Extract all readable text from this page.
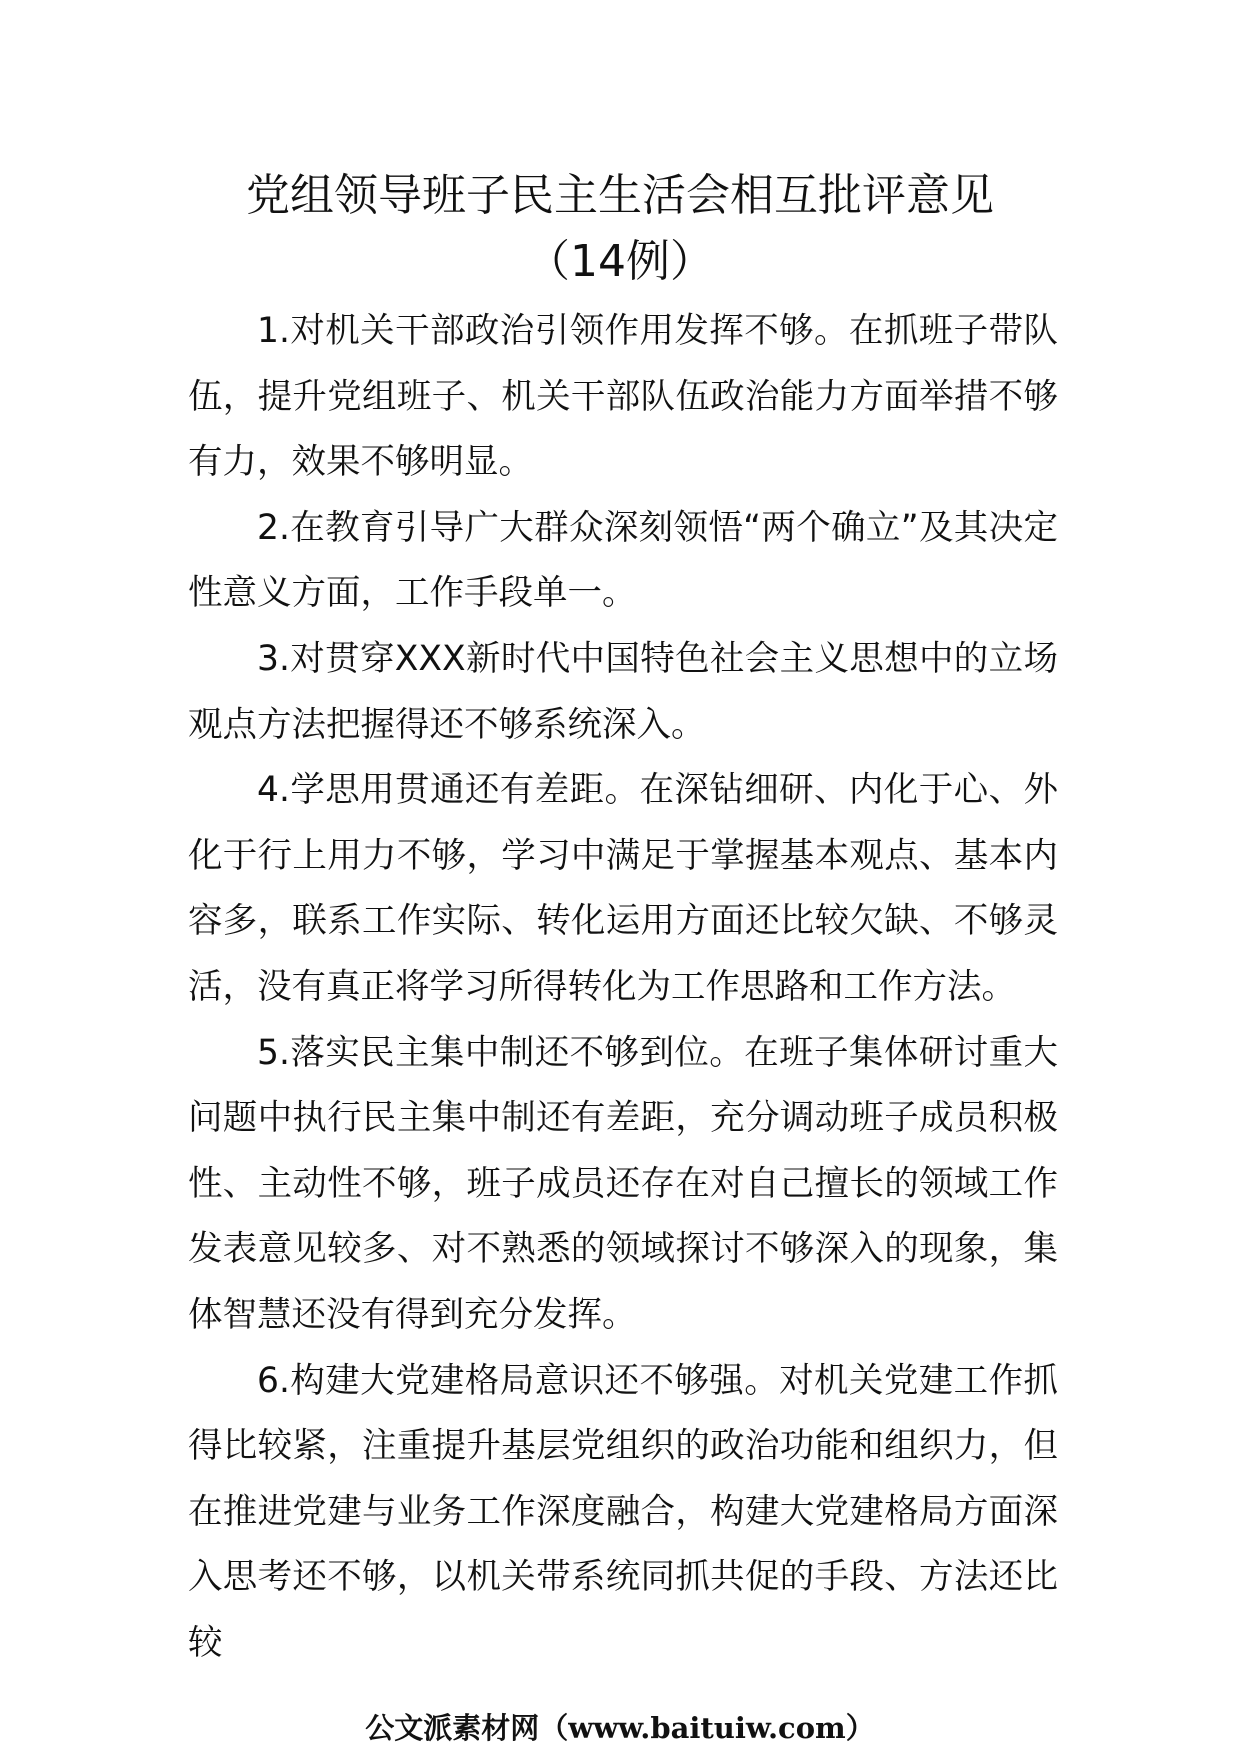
党组领导班子民主生活会相互批评意见
（14例）

1.对机关干部政治引领作用发挥不够。在抓班子带队伍，提升党组班子、机关干部队伍政治能力方面举措不够有力，效果不够明显。

2.在教育引导广大群众深刻领悟“两个确立”及其决定性意义方面，工作手段单一。

3.对贯穿XXX新时代中国特色社会主义思想中的立场观点方法把握得还不够系统深入。

4.学思用贯通还有差距。在深钻细研、内化于心、外化于行上用力不够，学习中满足于掌握基本观点、基本内容多，联系工作实际、转化运用方面还比较欠缺、不够灵活，没有真正将学习所得转化为工作思路和工作方法。

5.落实民主集中制还不够到位。在班子集体研讨重大问题中执行民主集中制还有差距，充分调动班子成员积极性、主动性不够，班子成员还存在对自己擅长的领域工作发表意见较多、对不熟悉的领域探讨不够深入的现象，集体智慧还没有得到充分发挥。

6.构建大党建格局意识还不够强。对机关党建工作抓得比较紧，注重提升基层党组织的政治功能和组织力，但在推进党建与业务工作深度融合，构建大党建格局方面深入思考还不够，以机关带系统同抓共促的手段、方法还比较

公文派素材网（www.baituiw.com）
